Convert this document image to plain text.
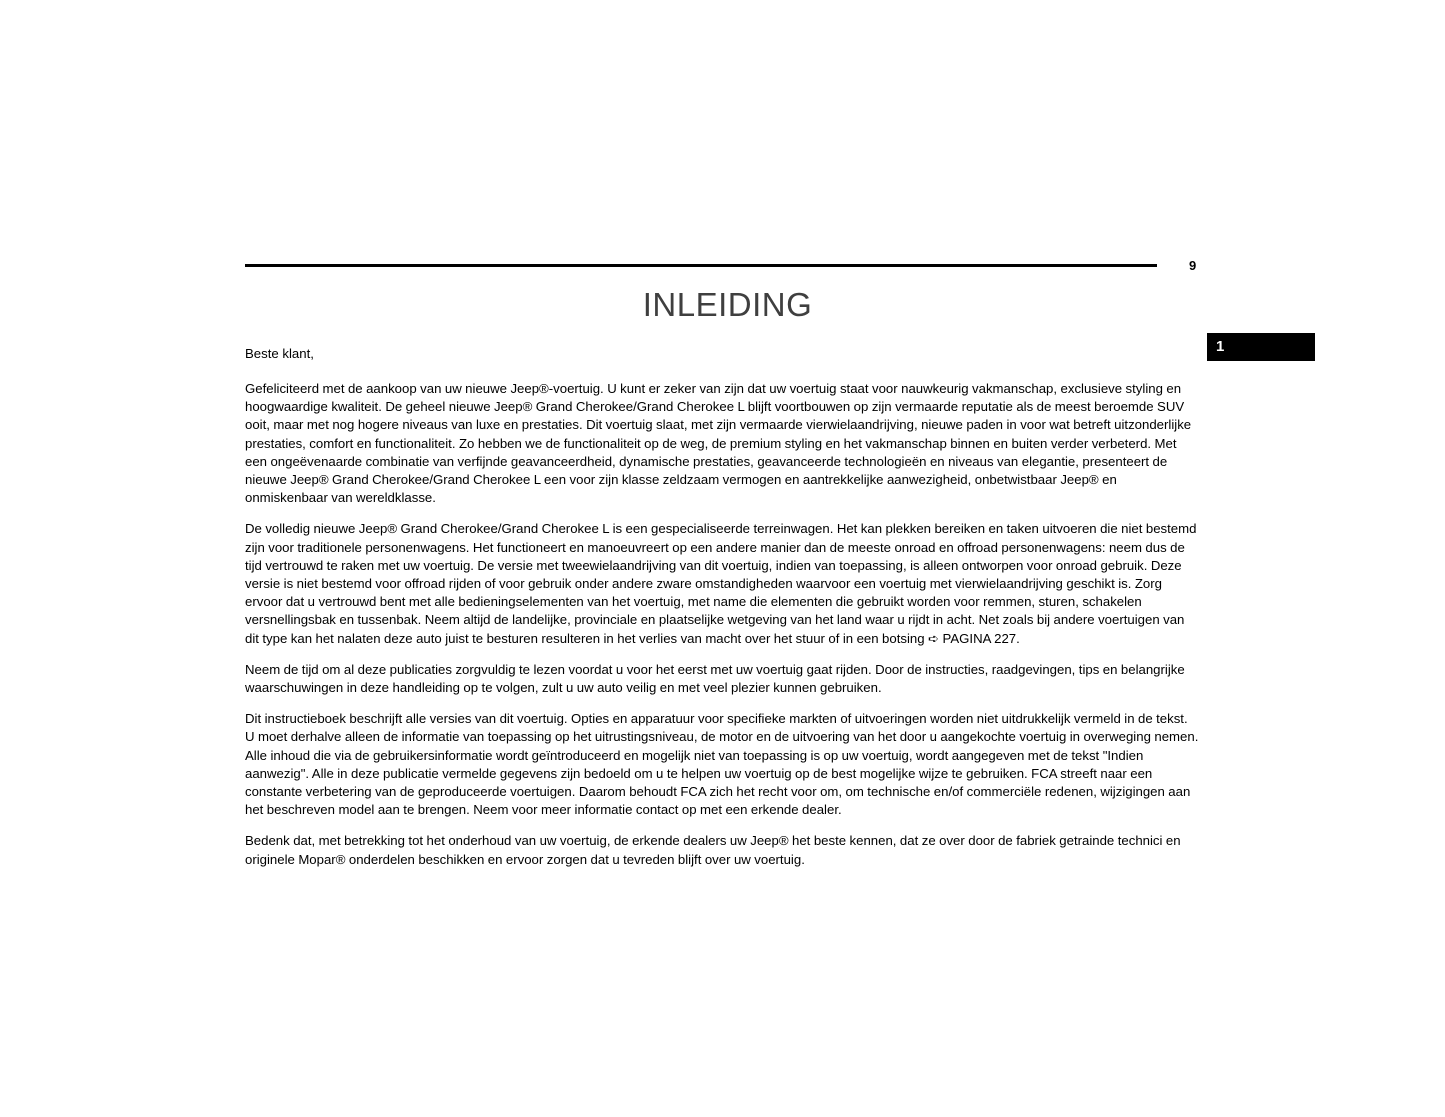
9
1
INLEIDING
Beste klant,

Gefeliciteerd met de aankoop van uw nieuwe Jeep®-voertuig. U kunt er zeker van zijn dat uw voertuig staat voor nauwkeurig vakmanschap, exclusieve styling en hoogwaardige kwaliteit. De geheel nieuwe Jeep® Grand Cherokee/Grand Cherokee L blijft voortbouwen op zijn vermaarde reputatie als de meest beroemde SUV ooit, maar met nog hogere niveaus van luxe en prestaties. Dit voertuig slaat, met zijn vermaarde vierwielaandrijving, nieuwe paden in voor wat betreft uitzonderlijke prestaties, comfort en functionaliteit. Zo hebben we de functionaliteit op de weg, de premium styling en het vakmanschap binnen en buiten verder verbeterd. Met een ongeëvenaarde combinatie van verfijnde geavanceerdheid, dynamische prestaties, geavanceerde technologieën en niveaus van elegantie, presenteert de nieuwe Jeep® Grand Cherokee/Grand Cherokee L een voor zijn klasse zeldzaam vermogen en aantrekkelijke aanwezigheid, onbetwistbaar Jeep® en onmiskenbaar van wereldklasse.

De volledig nieuwe Jeep® Grand Cherokee/Grand Cherokee L is een gespecialiseerde terreinwagen. Het kan plekken bereiken en taken uitvoeren die niet bestemd zijn voor traditionele personenwagens. Het functioneert en manoeuvreert op een andere manier dan de meeste onroad en offroad personenwagens: neem dus de tijd vertrouwd te raken met uw voertuig. De versie met tweewielaandrijving van dit voertuig, indien van toepassing, is alleen ontworpen voor onroad gebruik. Deze versie is niet bestemd voor offroad rijden of voor gebruik onder andere zware omstandigheden waarvoor een voertuig met vierwielaandrijving geschikt is. Zorg ervoor dat u vertrouwd bent met alle bedieningselementen van het voertuig, met name die elementen die gebruikt worden voor remmen, sturen, schakelen versnellingsbak en tussenbak. Neem altijd de landelijke, provinciale en plaatselijke wetgeving van het land waar u rijdt in acht. Net zoals bij andere voertuigen van dit type kan het nalaten deze auto juist te besturen resulteren in het verlies van macht over het stuur of in een botsing ➪ PAGINA 227.

Neem de tijd om al deze publicaties zorgvuldig te lezen voordat u voor het eerst met uw voertuig gaat rijden. Door de instructies, raadgevingen, tips en belangrijke waarschuwingen in deze handleiding op te volgen, zult u uw auto veilig en met veel plezier kunnen gebruiken.

Dit instructieboek beschrijft alle versies van dit voertuig. Opties en apparatuur voor specifieke markten of uitvoeringen worden niet uitdrukkelijk vermeld in de tekst. U moet derhalve alleen de informatie van toepassing op het uitrustingsniveau, de motor en de uitvoering van het door u aangekochte voertuig in overweging nemen. Alle inhoud die via de gebruikersinformatie wordt geïntroduceerd en mogelijk niet van toepassing is op uw voertuig, wordt aangegeven met de tekst "Indien aanwezig". Alle in deze publicatie vermelde gegevens zijn bedoeld om u te helpen uw voertuig op de best mogelijke wijze te gebruiken. FCA streeft naar een constante verbetering van de geproduceerde voertuigen. Daarom behoudt FCA zich het recht voor om, om technische en/of commerciële redenen, wijzigingen aan het beschreven model aan te brengen. Neem voor meer informatie contact op met een erkende dealer.

Bedenk dat, met betrekking tot het onderhoud van uw voertuig, de erkende dealers uw Jeep® het beste kennen, dat ze over door de fabriek getrainde technici en originele Mopar® onderdelen beschikken en ervoor zorgen dat u tevreden blijft over uw voertuig.
